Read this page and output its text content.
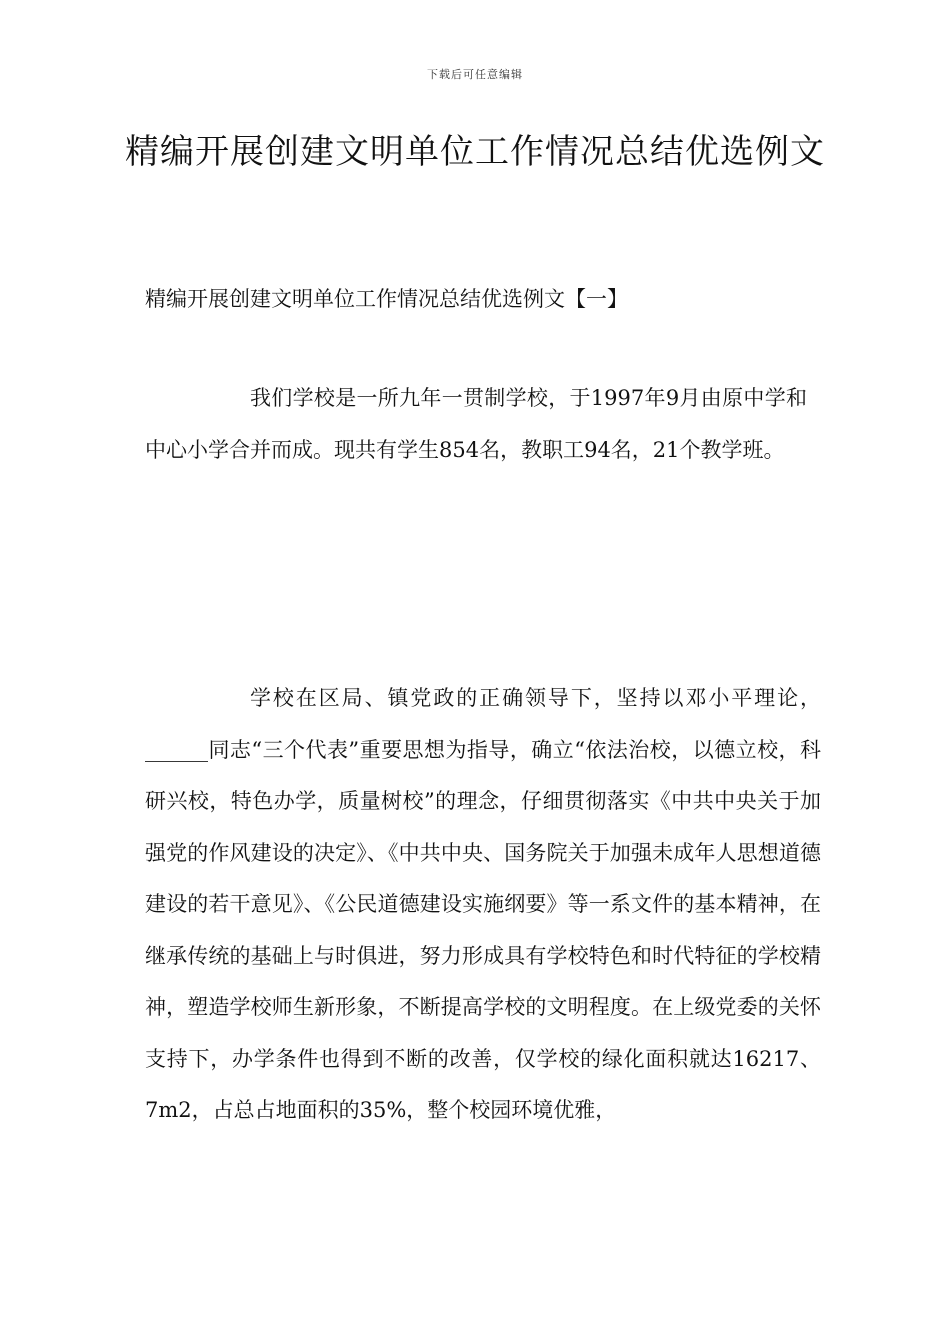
下载后可任意编辑
精编开展创建文明单位工作情况总结优选例文
精编开展创建文明单位工作情况总结优选例文【一】

我们学校是一所九年一贯制学校，于1997年9月由原中学和中心小学合并而成。现共有学生854名，教职工94名，21个教学班。

学校在区局、镇党政的正确领导下，坚持以邓小平理论，______同志“三个代表”重要思想为指导，确立“依法治校，以德立校，科研兴校，特色办学，质量树校”的理念，仔细贯彻落实《中共中央关于加强党的作风建设的决定》、《中共中央、国务院关于加强未成年人思想道德建设的若干意见》、《公民道德建设实施纲要》等一系文件的基本精神，在继承传统的基础上与时俱进，努力形成具有学校特色和时代特征的学校精神，塑造学校师生新形象，不断提高学校的文明程度。在上级党委的关怀支持下，办学条件也得到不断的改善，仅学校的绿化面积就达16217、7m2，占总占地面积的35%，整个校园环境优雅，
